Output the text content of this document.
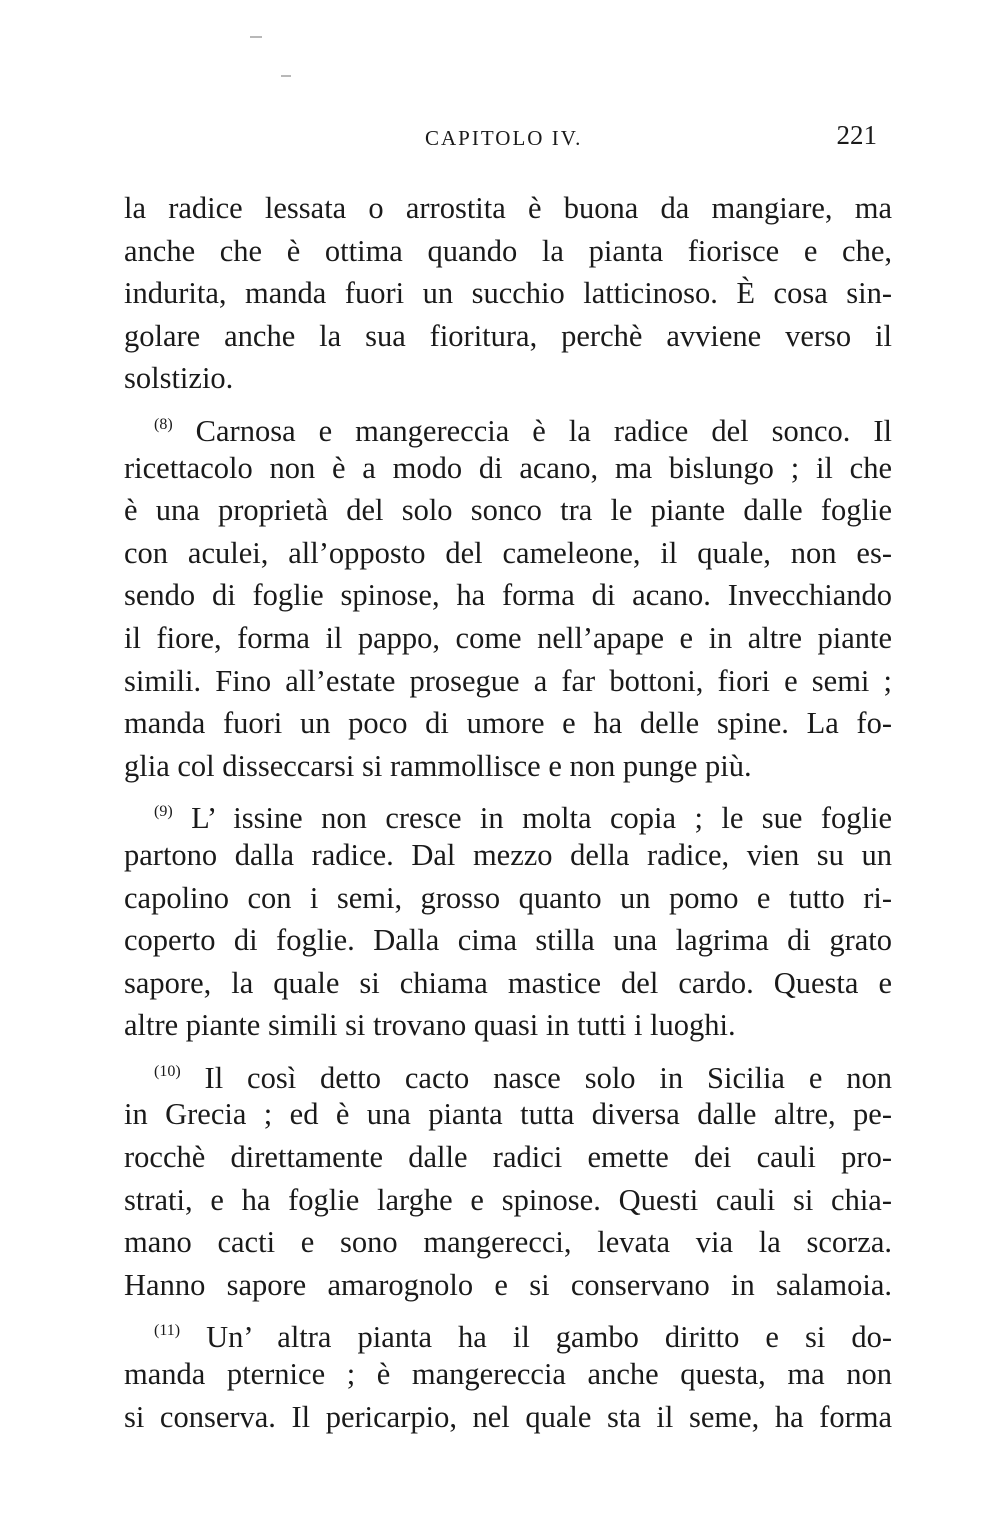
CAPITOLO IV.	221
la radice lessata o arrostita è buona da mangiare, ma
anche che è ottima quando la pianta fiorisce e che,
indurita, manda fuori un succhio latticinoso. È cosa sin-
golare anche la sua fioritura, perchè avviene verso il
solstizio.
$^{(8)}$ Carnosa e mangereccia è la radice del sonco. Il
ricettacolo non è a modo di acano, ma bislungo ; il che
è una proprietà del solo sonco tra le piante dalle foglie
con aculei, all’opposto del cameleone, il quale, non es-
sendo di foglie spinose, ha forma di acano. Invecchiando
il fiore, forma il pappo, come nell’apape e in altre piante
simili. Fino all’estate prosegue a far bottoni, fiori e semi ;
manda fuori un poco di umore e ha delle spine. La fo-
glia col disseccarsi si rammollisce e non punge più.
$^{(9)}$ L’ issine non cresce in molta copia ; le sue foglie
partono dalla radice. Dal mezzo della radice, vien su un
capolino con i semi, grosso quanto un pomo e tutto ri-
coperto di foglie. Dalla cima stilla una lagrima di grato
sapore, la quale si chiama mastice del cardo. Questa e
altre piante simili si trovano quasi in tutti i luoghi.
$^{(10)}$ Il così detto cacto nasce solo in Sicilia e non
in Grecia ; ed è una pianta tutta diversa dalle altre, pe-
rocchè direttamente dalle radici emette dei cauli pro-
strati, e ha foglie larghe e spinose. Questi cauli si chia-
mano cacti e sono mangerecci, levata via la scorza.
Hanno sapore amarognolo e si conservano in salamoia.
$^{(11)}$ Un’ altra pianta ha il gambo diritto e si do-
manda pternice ; è mangereccia anche questa, ma non
si conserva. Il pericarpio, nel quale sta il seme, ha forma
